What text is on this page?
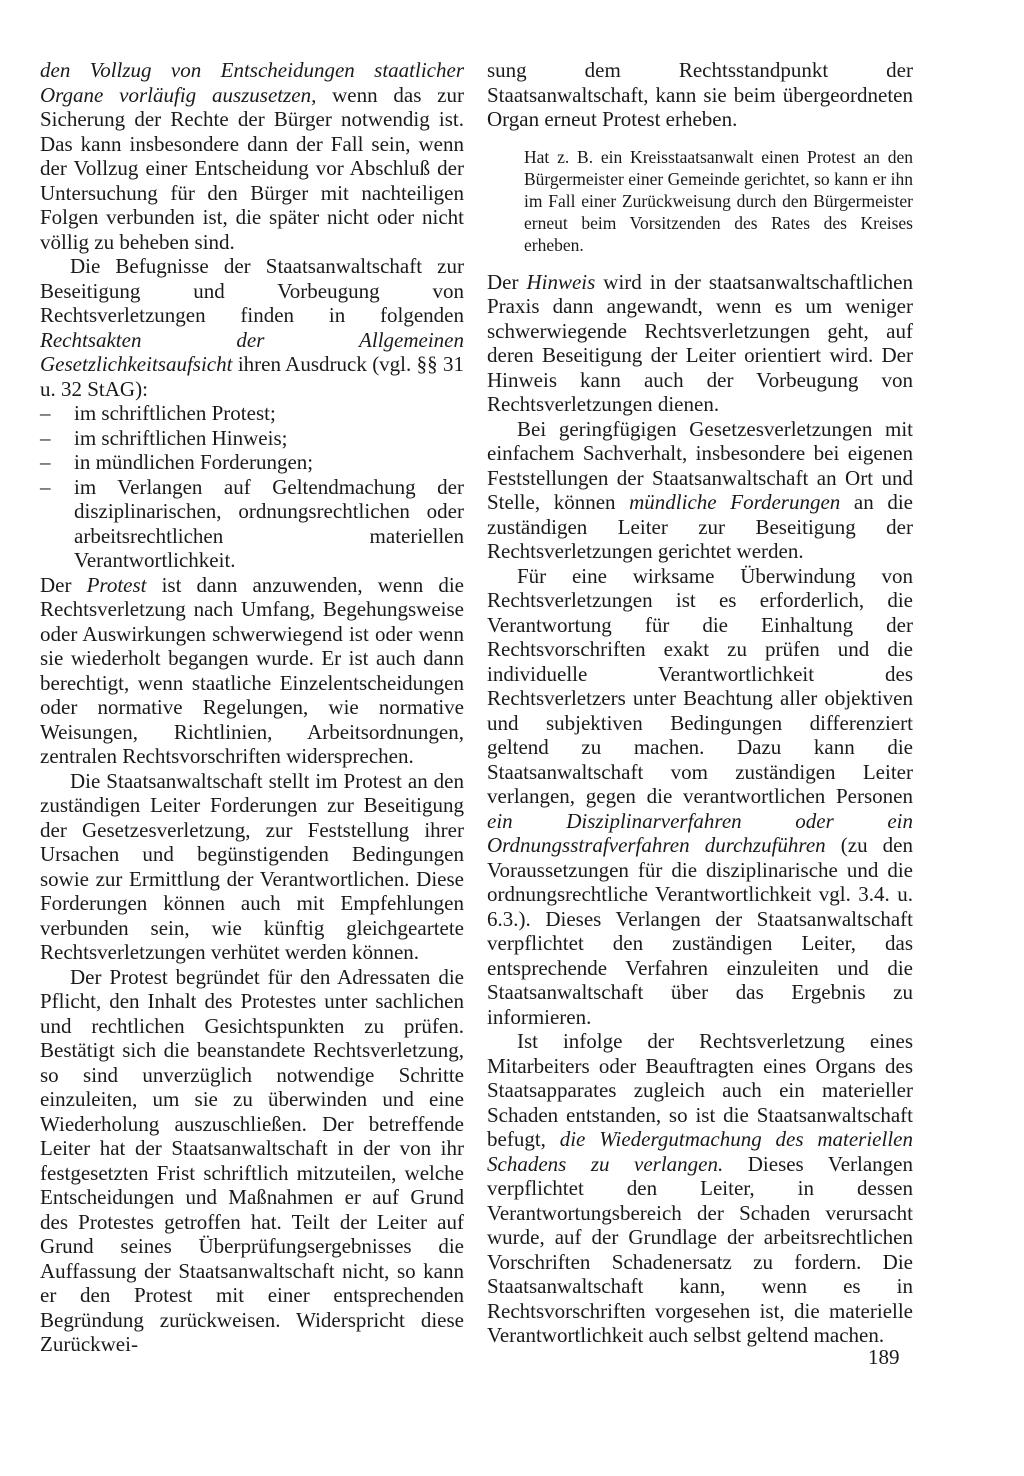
den Vollzug von Entscheidungen staatlicher Organe vorläufig auszusetzen, wenn das zur Sicherung der Rechte der Bürger notwendig ist. Das kann insbesondere dann der Fall sein, wenn der Vollzug einer Entscheidung vor Abschluß der Untersuchung für den Bürger mit nachteiligen Folgen verbunden ist, die später nicht oder nicht völlig zu beheben sind.

Die Befugnisse der Staatsanwaltschaft zur Beseitigung und Vorbeugung von Rechtsverletzungen finden in folgenden Rechtsakten der Allgemeinen Gesetzlichkeitsaufsicht ihren Ausdruck (vgl. §§ 31 u. 32 StAG):

– im schriftlichen Protest;
– im schriftlichen Hinweis;
– in mündlichen Forderungen;
– im Verlangen auf Geltendmachung der disziplinarischen, ordnungsrechtlichen oder arbeitsrechtlichen materiellen Verantwortlichkeit.

Der Protest ist dann anzuwenden, wenn die Rechtsverletzung nach Umfang, Begehungsweise oder Auswirkungen schwerwiegend ist oder wenn sie wiederholt begangen wurde. Er ist auch dann berechtigt, wenn staatliche Einzelentscheidungen oder normative Regelungen, wie normative Weisungen, Richtlinien, Arbeitsordnungen, zentralen Rechtsvorschriften widersprechen.

Die Staatsanwaltschaft stellt im Protest an den zuständigen Leiter Forderungen zur Beseitigung der Gesetzesverletzung, zur Feststellung ihrer Ursachen und begünstigenden Bedingungen sowie zur Ermittlung der Verantwortlichen. Diese Forderungen können auch mit Empfehlungen verbunden sein, wie künftig gleichgeartete Rechtsverletzungen verhütet werden können.

Der Protest begründet für den Adressaten die Pflicht, den Inhalt des Protestes unter sachlichen und rechtlichen Gesichtspunkten zu prüfen. Bestätigt sich die beanstandete Rechtsverletzung, so sind unverzüglich notwendige Schritte einzuleiten, um sie zu überwinden und eine Wiederholung auszuschließen. Der betreffende Leiter hat der Staatsanwaltschaft in der von ihr festgesetzten Frist schriftlich mitzuteilen, welche Entscheidungen und Maßnahmen er auf Grund des Protestes getroffen hat. Teilt der Leiter auf Grund seines Überprüfungsergebnisses die Auffassung der Staatsanwaltschaft nicht, so kann er den Protest mit einer entsprechenden Begründung zurückweisen. Widerspricht diese Zurückwei-

sung dem Rechtsstandpunkt der Staatsanwaltschaft, kann sie beim übergeordneten Organ erneut Protest erheben.

Hat z. B. ein Kreisstaatsanwalt einen Protest an den Bürgermeister einer Gemeinde gerichtet, so kann er ihn im Fall einer Zurückweisung durch den Bürgermeister erneut beim Vorsitzenden des Rates des Kreises erheben.

Der Hinweis wird in der staatsanwaltschaftlichen Praxis dann angewandt, wenn es um weniger schwerwiegende Rechtsverletzungen geht, auf deren Beseitigung der Leiter orientiert wird. Der Hinweis kann auch der Vorbeugung von Rechtsverletzungen dienen.

Bei geringfügigen Gesetzesverletzungen mit einfachem Sachverhalt, insbesondere bei eigenen Feststellungen der Staatsanwaltschaft an Ort und Stelle, können mündliche Forderungen an die zuständigen Leiter zur Beseitigung der Rechtsverletzungen gerichtet werden.

Für eine wirksame Überwindung von Rechtsverletzungen ist es erforderlich, die Verantwortung für die Einhaltung der Rechtsvorschriften exakt zu prüfen und die individuelle Verantwortlichkeit des Rechtsverletzers unter Beachtung aller objektiven und subjektiven Bedingungen differenziert geltend zu machen. Dazu kann die Staatsanwaltschaft vom zuständigen Leiter verlangen, gegen die verantwortlichen Personen ein Disziplinarverfahren oder ein Ordnungsstrafverfahren durchzuführen (zu den Voraussetzungen für die disziplinarische und die ordnungsrechtliche Verantwortlichkeit vgl. 3.4. u. 6.3.). Dieses Verlangen der Staatsanwaltschaft verpflichtet den zuständigen Leiter, das entsprechende Verfahren einzuleiten und die Staatsanwaltschaft über das Ergebnis zu informieren.

Ist infolge der Rechtsverletzung eines Mitarbeiters oder Beauftragten eines Organs des Staatsapparates zugleich auch ein materieller Schaden entstanden, so ist die Staatsanwaltschaft befugt, die Wiedergutmachung des materiellen Schadens zu verlangen. Dieses Verlangen verpflichtet den Leiter, in dessen Verantwortungsbereich der Schaden verursacht wurde, auf der Grundlage der arbeitsrechtlichen Vorschriften Schadenersatz zu fordern. Die Staatsanwaltschaft kann, wenn es in Rechtsvorschriften vorgesehen ist, die materielle Verantwortlichkeit auch selbst geltend machen.

189
